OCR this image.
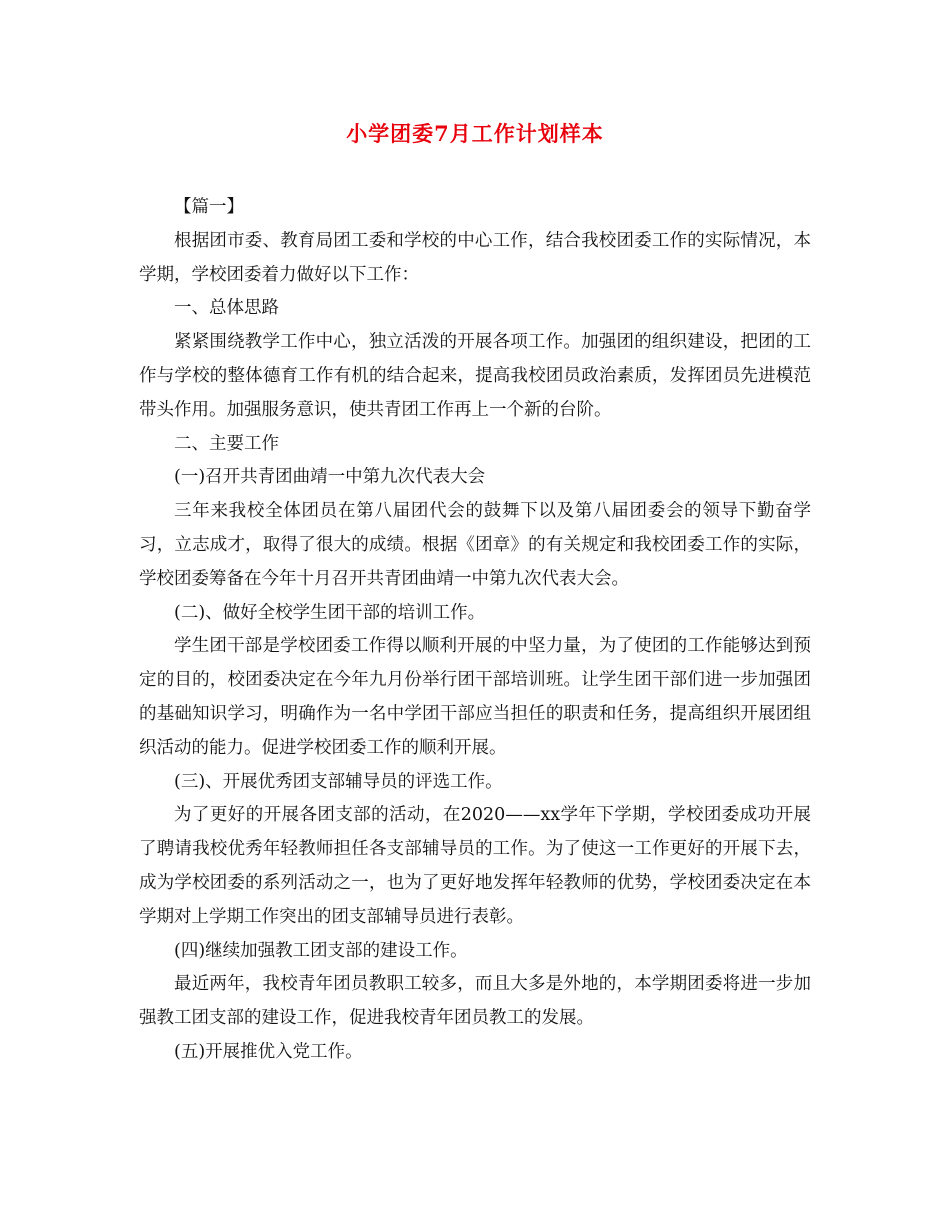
小学团委7月工作计划样本

【篇一】

根据团市委、教育局团工委和学校的中心工作，结合我校团委工作的实际情况，本学期，学校团委着力做好以下工作：

一、总体思路

紧紧围绕教学工作中心，独立活泼的开展各项工作。加强团的组织建设，把团的工作与学校的整体德育工作有机的结合起来，提高我校团员政治素质，发挥团员先进模范带头作用。加强服务意识，使共青团工作再上一个新的台阶。

二、主要工作

(一)召开共青团曲靖一中第九次代表大会

三年来我校全体团员在第八届团代会的鼓舞下以及第八届团委会的领导下勤奋学习，立志成才，取得了很大的成绩。根据《团章》的有关规定和我校团委工作的实际，学校团委筹备在今年十月召开共青团曲靖一中第九次代表大会。

(二)、做好全校学生团干部的培训工作。

学生团干部是学校团委工作得以顺利开展的中坚力量，为了使团的工作能够达到预定的目的，校团委决定在今年九月份举行团干部培训班。让学生团干部们进一步加强团的基础知识学习，明确作为一名中学团干部应当担任的职责和任务，提高组织开展团组织活动的能力。促进学校团委工作的顺利开展。

(三)、开展优秀团支部辅导员的评选工作。

为了更好的开展各团支部的活动，在2020——xx学年下学期，学校团委成功开展了聘请我校优秀年轻教师担任各支部辅导员的工作。为了使这一工作更好的开展下去，成为学校团委的系列活动之一，也为了更好地发挥年轻教师的优势，学校团委决定在本学期对上学期工作突出的团支部辅导员进行表彰。

(四)继续加强教工团支部的建设工作。

最近两年，我校青年团员教职工较多，而且大多是外地的，本学期团委将进一步加强教工团支部的建设工作，促进我校青年团员教工的发展。

(五)开展推优入党工作。
